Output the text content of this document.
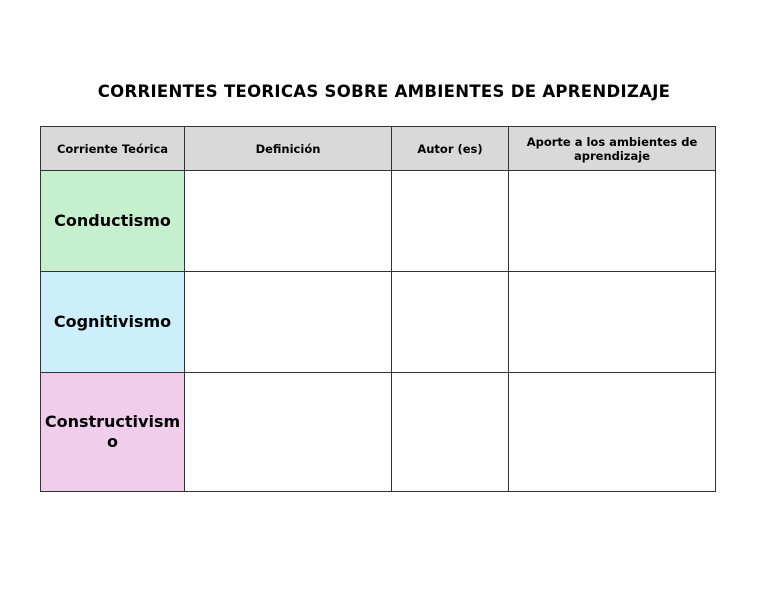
CORRIENTES TEORICAS SOBRE AMBIENTES DE APRENDIZAJE
Corriente Teórica	Definición	Autor (es)	Aporte a los ambientes de aprendizaje
Conductismo			
Cognitivismo			
Constructivismo			
